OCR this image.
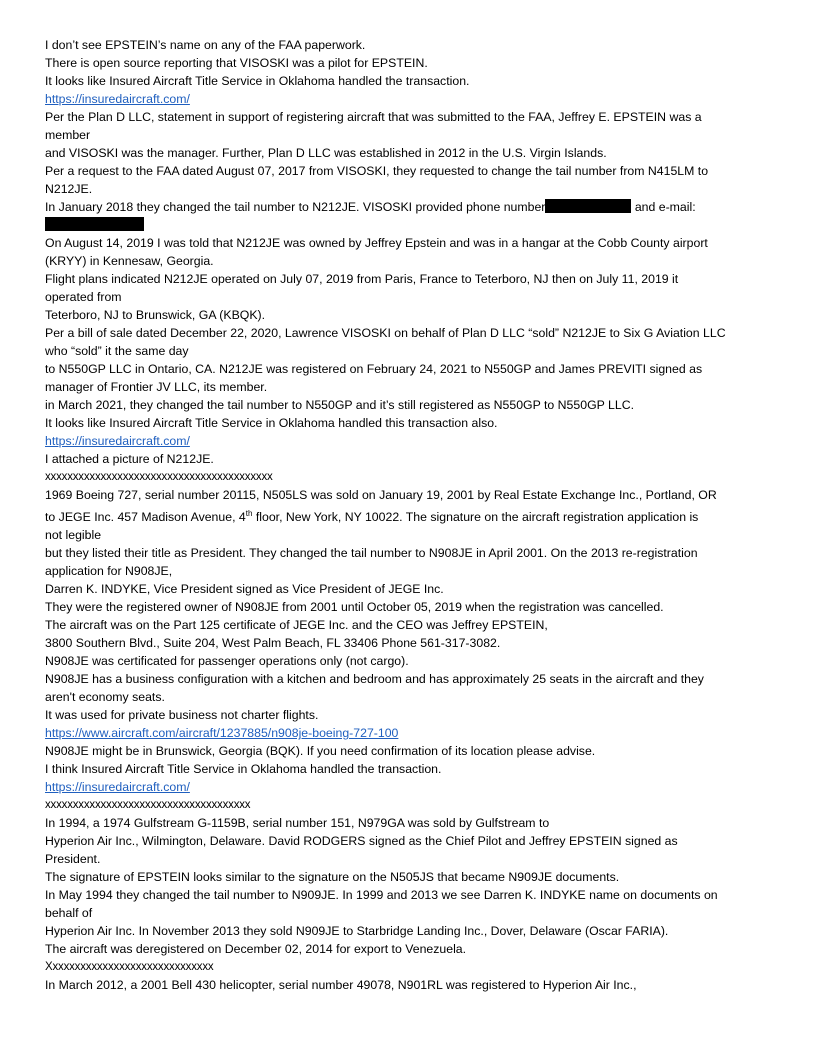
I don’t see EPSTEIN’s name on any of the FAA paperwork.
There is open source reporting that VISOSKI was a pilot for EPSTEIN.
It looks like Insured Aircraft Title Service in Oklahoma handled the transaction.
https://insuredaircraft.com/
Per the Plan D LLC, statement in support of registering aircraft that was submitted to the FAA, Jeffrey E. EPSTEIN was a
member
and VISOSKI was the manager. Further, Plan D LLC was established in 2012 in the U.S. Virgin Islands.
Per a request to the FAA dated August 07, 2017 from VISOSKI, they requested to change the tail number from N415LM to
N212JE.
In January 2018 they changed the tail number to N212JE. VISOSKI provided phone number	and e-mail:
On August 14, 2019 I was told that N212JE was owned by Jeffrey Epstein and was in a hangar at the Cobb County airport
(KRYY) in Kennesaw, Georgia.
Flight plans indicated N212JE operated on July 07, 2019 from Paris, France to Teterboro, NJ then on July 11, 2019 it
operated from
Teterboro, NJ to Brunswick, GA (KBQK).
Per a bill of sale dated December 22, 2020, Lawrence VISOSKI on behalf of Plan D LLC “sold” N212JE to Six G Aviation LLC
who “sold” it the same day
to N550GP LLC in Ontario, CA. N212JE was registered on February 24, 2021 to N550GP and James PREVITI signed as
manager of Frontier JV LLC, its member.
in March 2021, they changed the tail number to N550GP and it’s still registered as N550GP to N550GP LLC.
It looks like Insured Aircraft Title Service in Oklahoma handled this transaction also.
https://insuredaircraft.com/
I attached a picture of N212JE.
xxxxxxxxxxxxxxxxxxxxxxxxxxxxxxxxxxxxxxxxx
1969 Boeing 727, serial number 20115, N505LS was sold on January 19, 2001 by Real Estate Exchange Inc., Portland, OR
to JEGE Inc. 457 Madison Avenue, 4th floor, New York, NY 10022. The signature on the aircraft registration application is
not legible
but they listed their title as President. They changed the tail number to N908JE in April 2001. On the 2013 re-registration
application for N908JE,
Darren K. INDYKE, Vice President signed as Vice President of JEGE Inc.
They were the registered owner of N908JE from 2001 until October 05, 2019 when the registration was cancelled.
The aircraft was on the Part 125 certificate of JEGE Inc. and the CEO was Jeffrey EPSTEIN,
3800 Southern Blvd., Suite 204, West Palm Beach, FL 33406 Phone 561-317-3082.
N908JE was certificated for passenger operations only (not cargo).
N908JE has a business configuration with a kitchen and bedroom and has approximately 25 seats in the aircraft and they
aren't economy seats.
It was used for private business not charter flights.
https://www.aircraft.com/aircraft/1237885/n908je-boeing-727-100
N908JE might be in Brunswick, Georgia (BQK). If you need confirmation of its location please advise.
I think Insured Aircraft Title Service in Oklahoma handled the transaction.
https://insuredaircraft.com/
xxxxxxxxxxxxxxxxxxxxxxxxxxxxxxxxxxxxx
In 1994, a 1974 Gulfstream G-1159B, serial number 151, N979GA was sold by Gulfstream to
Hyperion Air Inc., Wilmington, Delaware. David RODGERS signed as the Chief Pilot and Jeffrey EPSTEIN signed as
President.
The signature of EPSTEIN looks similar to the signature on the N505JS that became N909JE documents.
In May 1994 they changed the tail number to N909JE. In 1999 and 2013 we see Darren K. INDYKE name on documents on
behalf of
Hyperion Air Inc. In November 2013 they sold N909JE to Starbridge Landing Inc., Dover, Delaware (Oscar FARIA).
The aircraft was deregistered on December 02, 2014 for export to Venezuela.
Xxxxxxxxxxxxxxxxxxxxxxxxxxxxxx
In March 2012, a 2001 Bell 430 helicopter, serial number 49078, N901RL was registered to Hyperion Air Inc.,
